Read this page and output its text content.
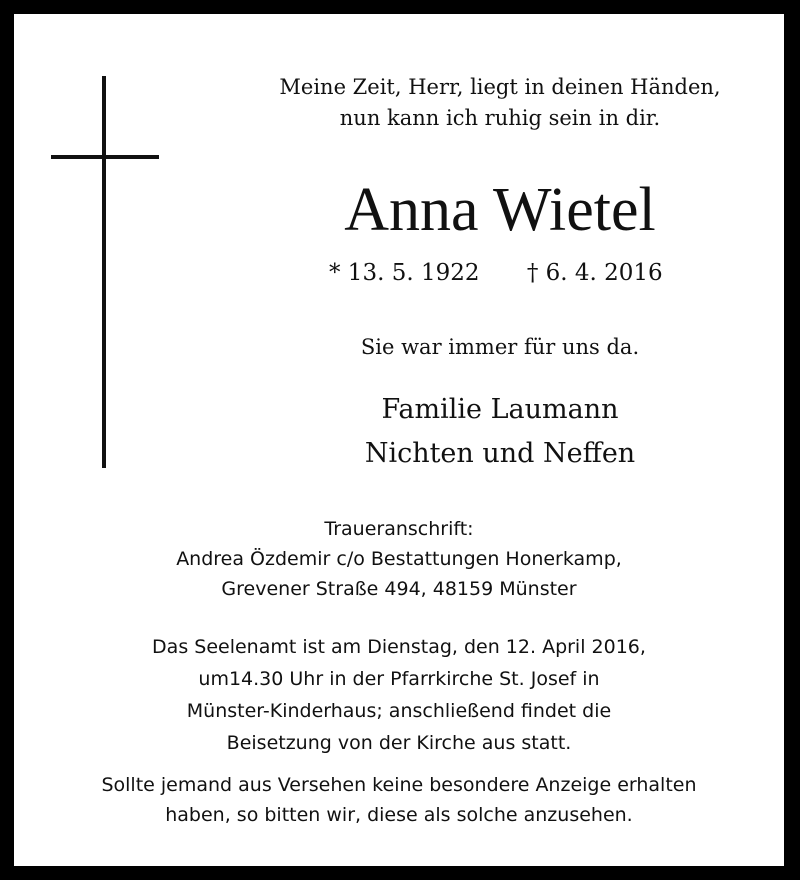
Meine Zeit, Herr, liegt in deinen Händen,
nun kann ich ruhig sein in dir.
Anna Wietel
* 13. 5. 1922 † 6. 4. 2016
Sie war immer für uns da.
Familie Laumann
Nichten und Neffen
Traueranschrift:
Andrea Özdemir c/o Bestattungen Honerkamp,
Grevener Straße 494, 48159 Münster
Das Seelenamt ist am Dienstag, den 12. April 2016,
um14.30 Uhr in der Pfarrkirche St. Josef in
Münster-Kinderhaus; anschließend findet die
Beisetzung von der Kirche aus statt.
Sollte jemand aus Versehen keine besondere Anzeige erhalten
haben, so bitten wir, diese als solche anzusehen.
